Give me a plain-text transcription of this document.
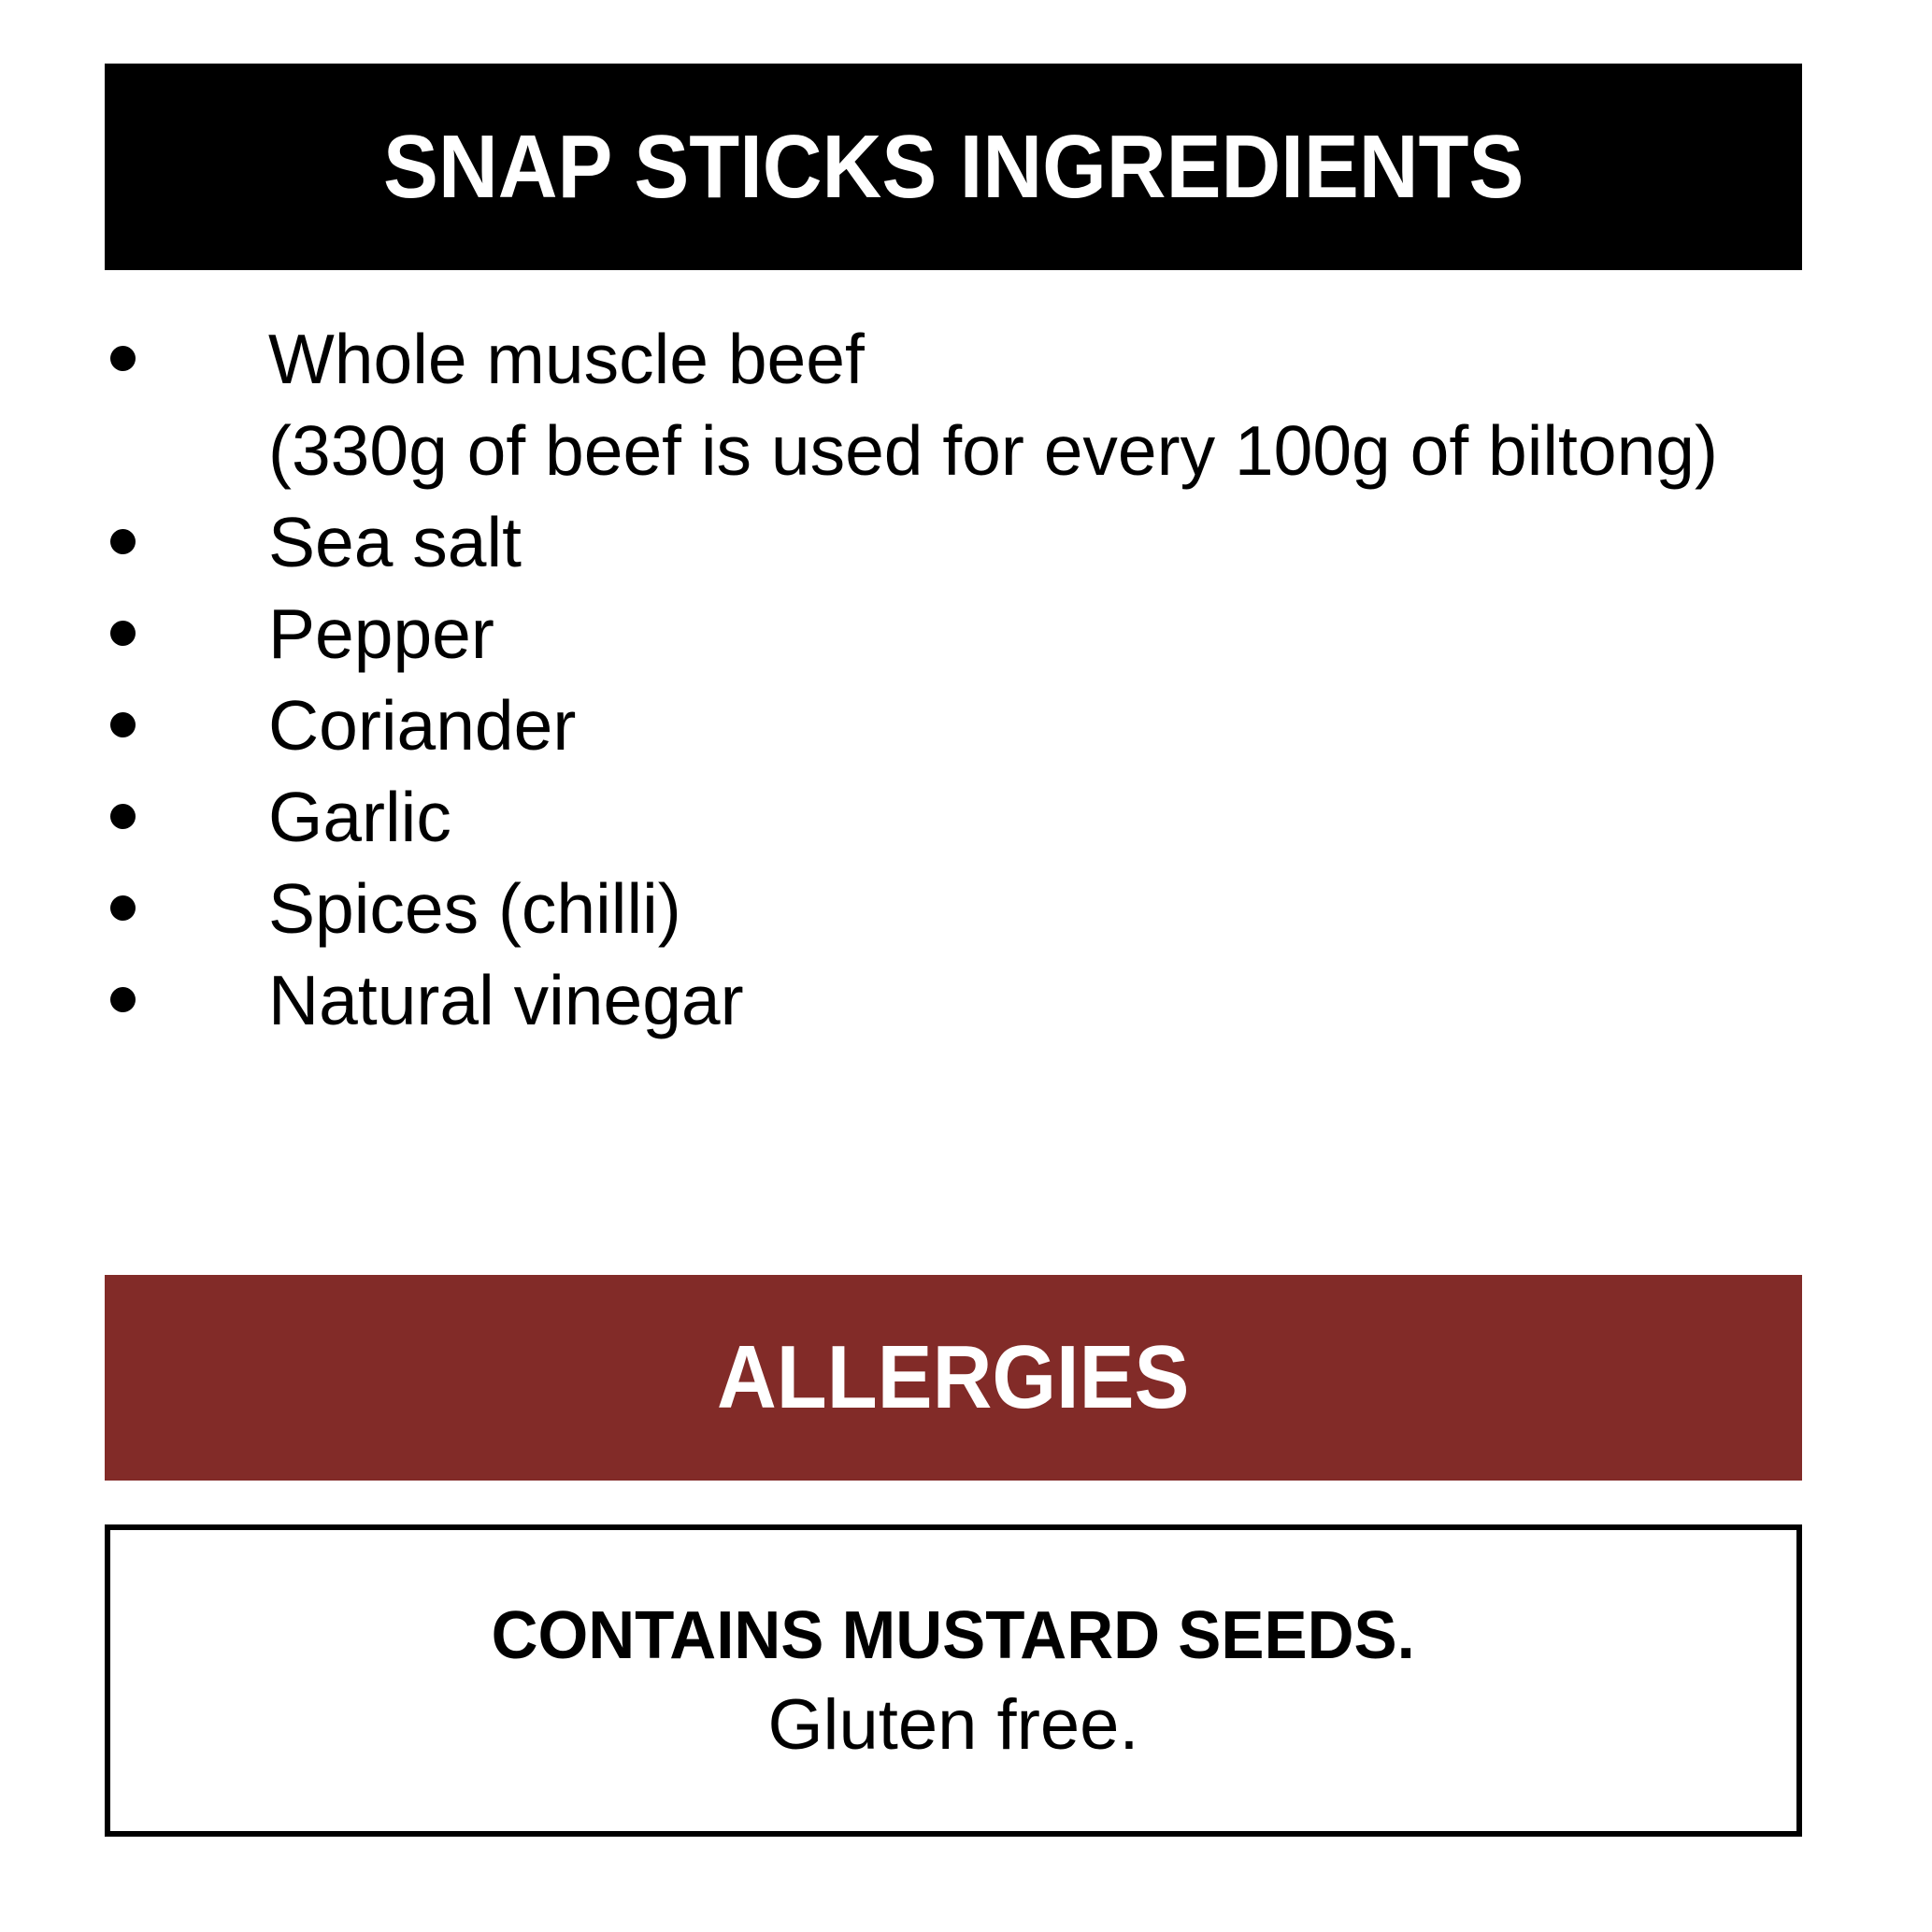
SNAP STICKS INGREDIENTS
Whole muscle beef
(330g of beef is used for every 100g of biltong)
Sea salt
Pepper
Coriander
Garlic
Spices (chilli)
Natural vinegar
ALLERGIES
CONTAINS MUSTARD SEEDS.
Gluten free.
